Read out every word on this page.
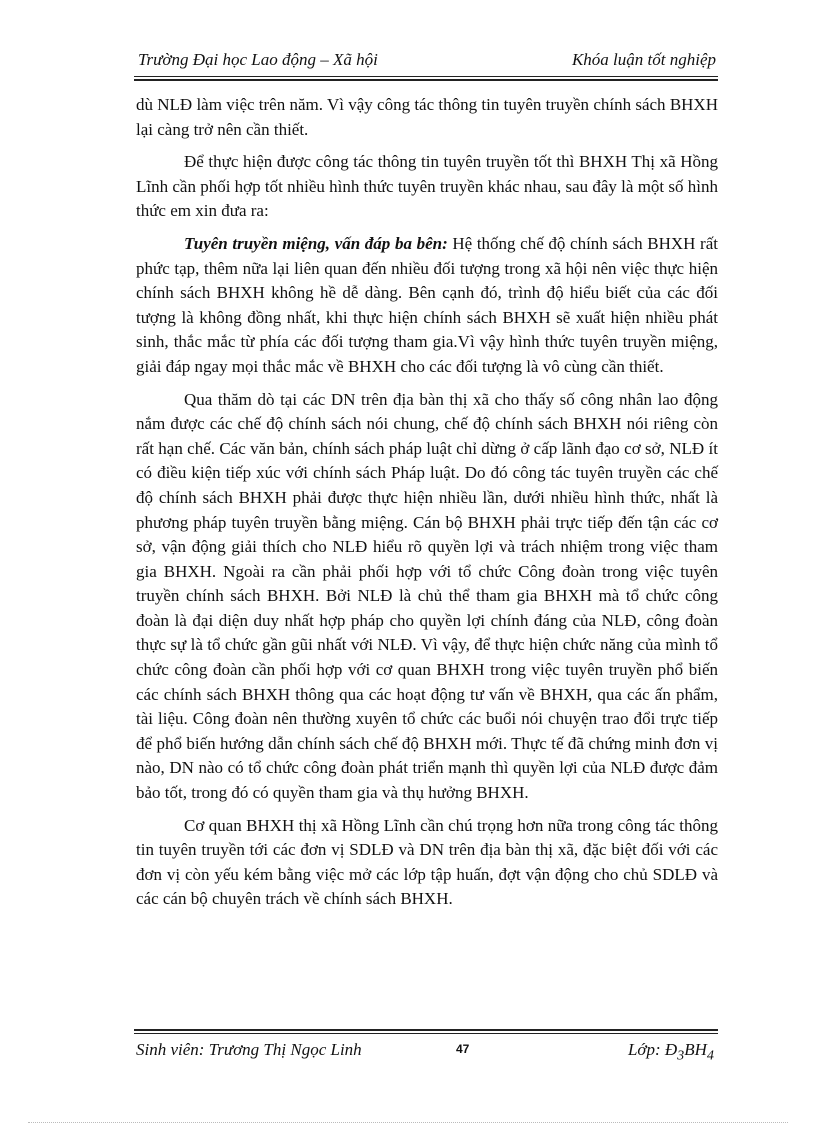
Trường Đại học Lao động – Xã hội	Khóa luận tốt nghiệp

dù NLĐ làm việc trên năm. Vì vậy công tác thông tin tuyên truyền chính sách BHXH lại càng trở nên cần thiết.

Để thực hiện được công tác thông tin tuyên truyền tốt thì BHXH Thị xã Hồng Lĩnh cần phối hợp tốt nhiều hình thức tuyên truyền khác nhau, sau đây là một số hình thức em xin đưa ra:

Tuyên truyền miệng, vấn đáp ba bên: Hệ thống chế độ chính sách BHXH rất phức tạp, thêm nữa lại liên quan đến nhiều đối tượng trong xã hội nên việc thực hiện chính sách BHXH không hề dễ dàng. Bên cạnh đó, trình độ hiểu biết của các đối tượng là không đồng nhất, khi thực hiện chính sách BHXH sẽ xuất hiện nhiều phát sinh, thắc mắc từ phía các đối tượng tham gia.Vì vậy hình thức tuyên truyền miệng, giải đáp ngay mọi thắc mắc về BHXH cho các đối tượng là vô cùng cần thiết.

Qua thăm dò tại các DN trên địa bàn thị xã cho thấy số công nhân lao động nắm được các chế độ chính sách nói chung, chế độ chính sách BHXH nói riêng còn rất hạn chế. Các văn bản, chính sách pháp luật chỉ dừng ở cấp lãnh đạo cơ sở, NLĐ ít có điều kiện tiếp xúc với chính sách Pháp luật. Do đó công tác tuyên truyền các chế độ chính sách BHXH phải được thực hiện nhiều lần, dưới nhiều hình thức, nhất là phương pháp tuyên truyền bằng miệng. Cán bộ BHXH phải trực tiếp đến tận các cơ sở, vận động giải thích cho NLĐ hiểu rõ quyền lợi và trách nhiệm trong việc tham gia BHXH. Ngoài ra cần phải phối hợp với tổ chức Công đoàn trong việc tuyên truyền chính sách BHXH. Bởi NLĐ là chủ thể tham gia BHXH mà tổ chức công đoàn là đại diện duy nhất hợp pháp cho quyền lợi chính đáng của NLĐ, công đoàn thực sự là tổ chức gần gũi nhất với NLĐ. Vì vậy, để thực hiện chức năng của mình tổ chức công đoàn cần phối hợp với cơ quan BHXH trong việc tuyên truyền phổ biến các chính sách BHXH thông qua các hoạt động tư vấn về BHXH, qua các ấn phẩm, tài liệu. Công đoàn nên thường xuyên tổ chức các buổi nói chuyện trao đổi trực tiếp để phổ biến hướng dẫn chính sách chế độ BHXH mới. Thực tế đã chứng minh đơn vị nào, DN nào có tổ chức công đoàn phát triển mạnh thì quyền lợi của NLĐ được đảm bảo tốt, trong đó có quyền tham gia và thụ hưởng BHXH.

Cơ quan BHXH thị xã Hồng Lĩnh cần chú trọng hơn nữa trong công tác thông tin tuyên truyền tới các đơn vị SDLĐ và DN trên địa bàn thị xã, đặc biệt đối với các đơn vị còn yếu kém bằng việc mở các lớp tập huấn, đợt vận động cho chủ SDLĐ và các cán bộ chuyên trách về chính sách BHXH.

Sinh viên: Trương Thị Ngọc Linh	47	Lớp: $Đ_3BH_4$
